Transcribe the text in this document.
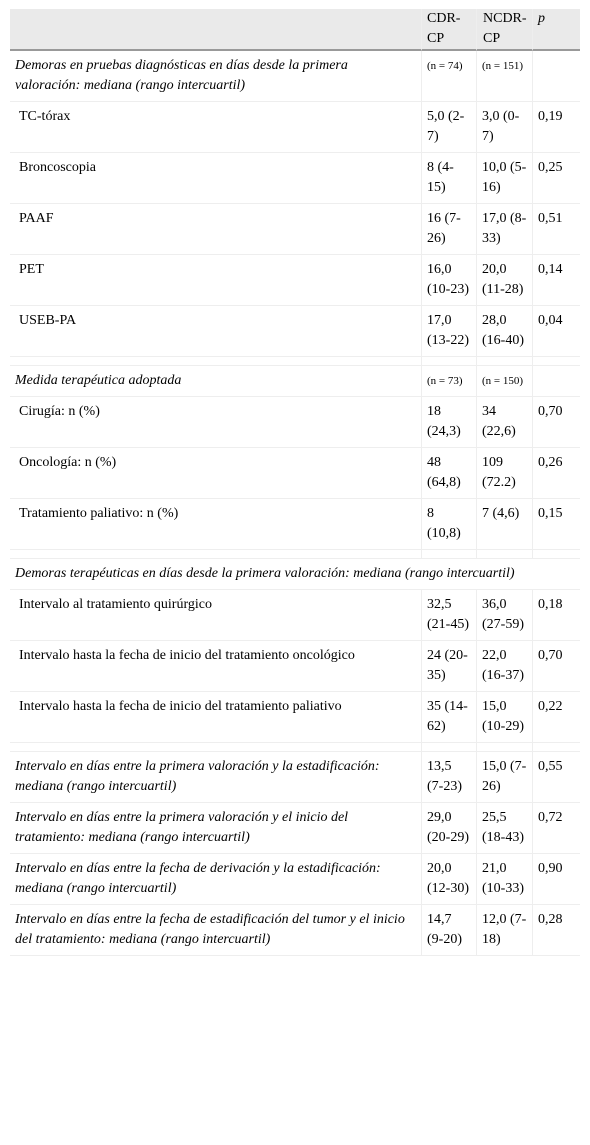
	CDR-CP	NCDR-CP	p
Demoras en pruebas diagnósticas en días desde la primera valoración: mediana (rango intercuartil)	(n = 74)	(n = 151)	
TC-tórax	5,0 (2-7)	3,0 (0-7)	0,19
Broncoscopia	8 (4-15)	10,0 (5-16)	0,25
PAAF	16 (7-26)	17,0 (8-33)	0,51
PET	16,0 (10-23)	20,0 (11-28)	0,14
USEB-PA	17,0 (13-22)	28,0 (16-40)	0,04

Medida terapéutica adoptada	(n = 73)	(n = 150)	
Cirugía: n (%)	18 (24,3)	34 (22,6)	0,70
Oncología: n (%)	48 (64,8)	109 (72.2)	0,26
Tratamiento paliativo: n (%)	8 (10,8)	7 (4,6)	0,15

Demoras terapéuticas en días desde la primera valoración: mediana (rango intercuartil)			
Intervalo al tratamiento quirúrgico	32,5 (21-45)	36,0 (27-59)	0,18
Intervalo hasta la fecha de inicio del tratamiento oncológico	24 (20-35)	22,0 (16-37)	0,70
Intervalo hasta la fecha de inicio del tratamiento paliativo	35 (14-62)	15,0 (10-29)	0,22

Intervalo en días entre la primera valoración y la estadificación: mediana (rango intercuartil)	13,5 (7-23)	15,0 (7-26)	0,55
Intervalo en días entre la primera valoración y el inicio del tratamiento: mediana (rango intercuartil)	29,0 (20-29)	25,5 (18-43)	0,72
Intervalo en días entre la fecha de derivación y la estadificación: mediana (rango intercuartil)	20,0 (12-30)	21,0 (10-33)	0,90
Intervalo en días entre la fecha de estadificación del tumor y el inicio del tratamiento: mediana (rango intercuartil)	14,7 (9-20)	12,0 (7-18)	0,28
